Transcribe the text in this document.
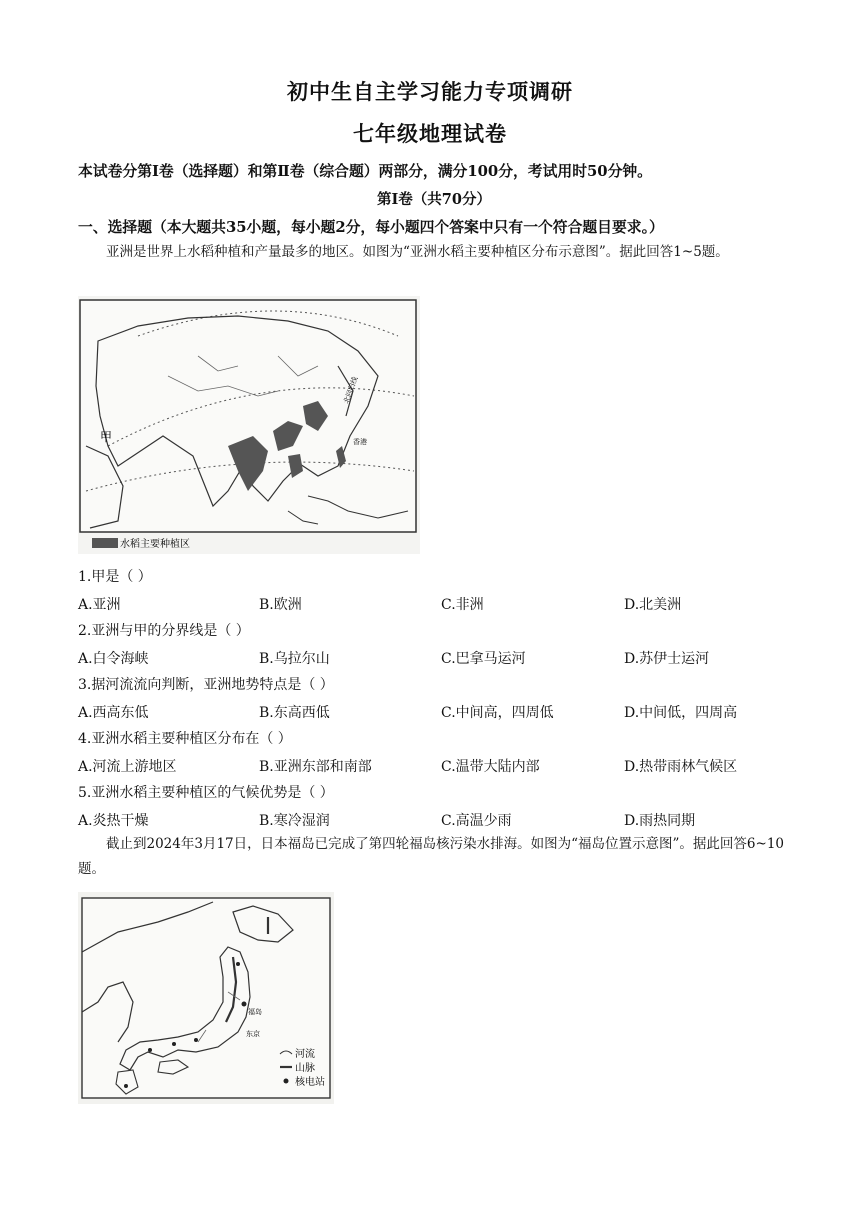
初中生自主学习能力专项调研
七年级地理试卷
本试卷分第Ⅰ卷（选择题）和第Ⅱ卷（综合题）两部分，满分100分，考试用时50分钟。
第Ⅰ卷（共70分）
一、选择题（本大题共35小题，每小题2分，每小题四个答案中只有一个符合题目要求。）
亚洲是世界上水稻种植和产量最多的地区。如图为“亚洲水稻主要种植区分布示意图”。据此回答1~5题。
甲
北回归线
香港
水稻主要种植区
1.甲是（ ）
A.亚洲	B.欧洲	C.非洲	D.北美洲
2.亚洲与甲的分界线是（ ）
A.白令海峡	B.乌拉尔山	C.巴拿马运河	D.苏伊士运河
3.据河流流向判断，亚洲地势特点是（ ）
A.西高东低	B.东高西低	C.中间高，四周低	D.中间低，四周高
4.亚洲水稻主要种植区分布在（ ）
A.河流上游地区	B.亚洲东部和南部	C.温带大陆内部	D.热带雨林气候区
5.亚洲水稻主要种植区的气候优势是（ ）
A.炎热干燥	B.寒冷湿润	C.高温少雨	D.雨热同期
截止到2024年3月17日，日本福岛已完成了第四轮福岛核污染水排海。如图为“福岛位置示意图”。据此回答6~10题。
福岛
东京
河流
山脉
核电站
